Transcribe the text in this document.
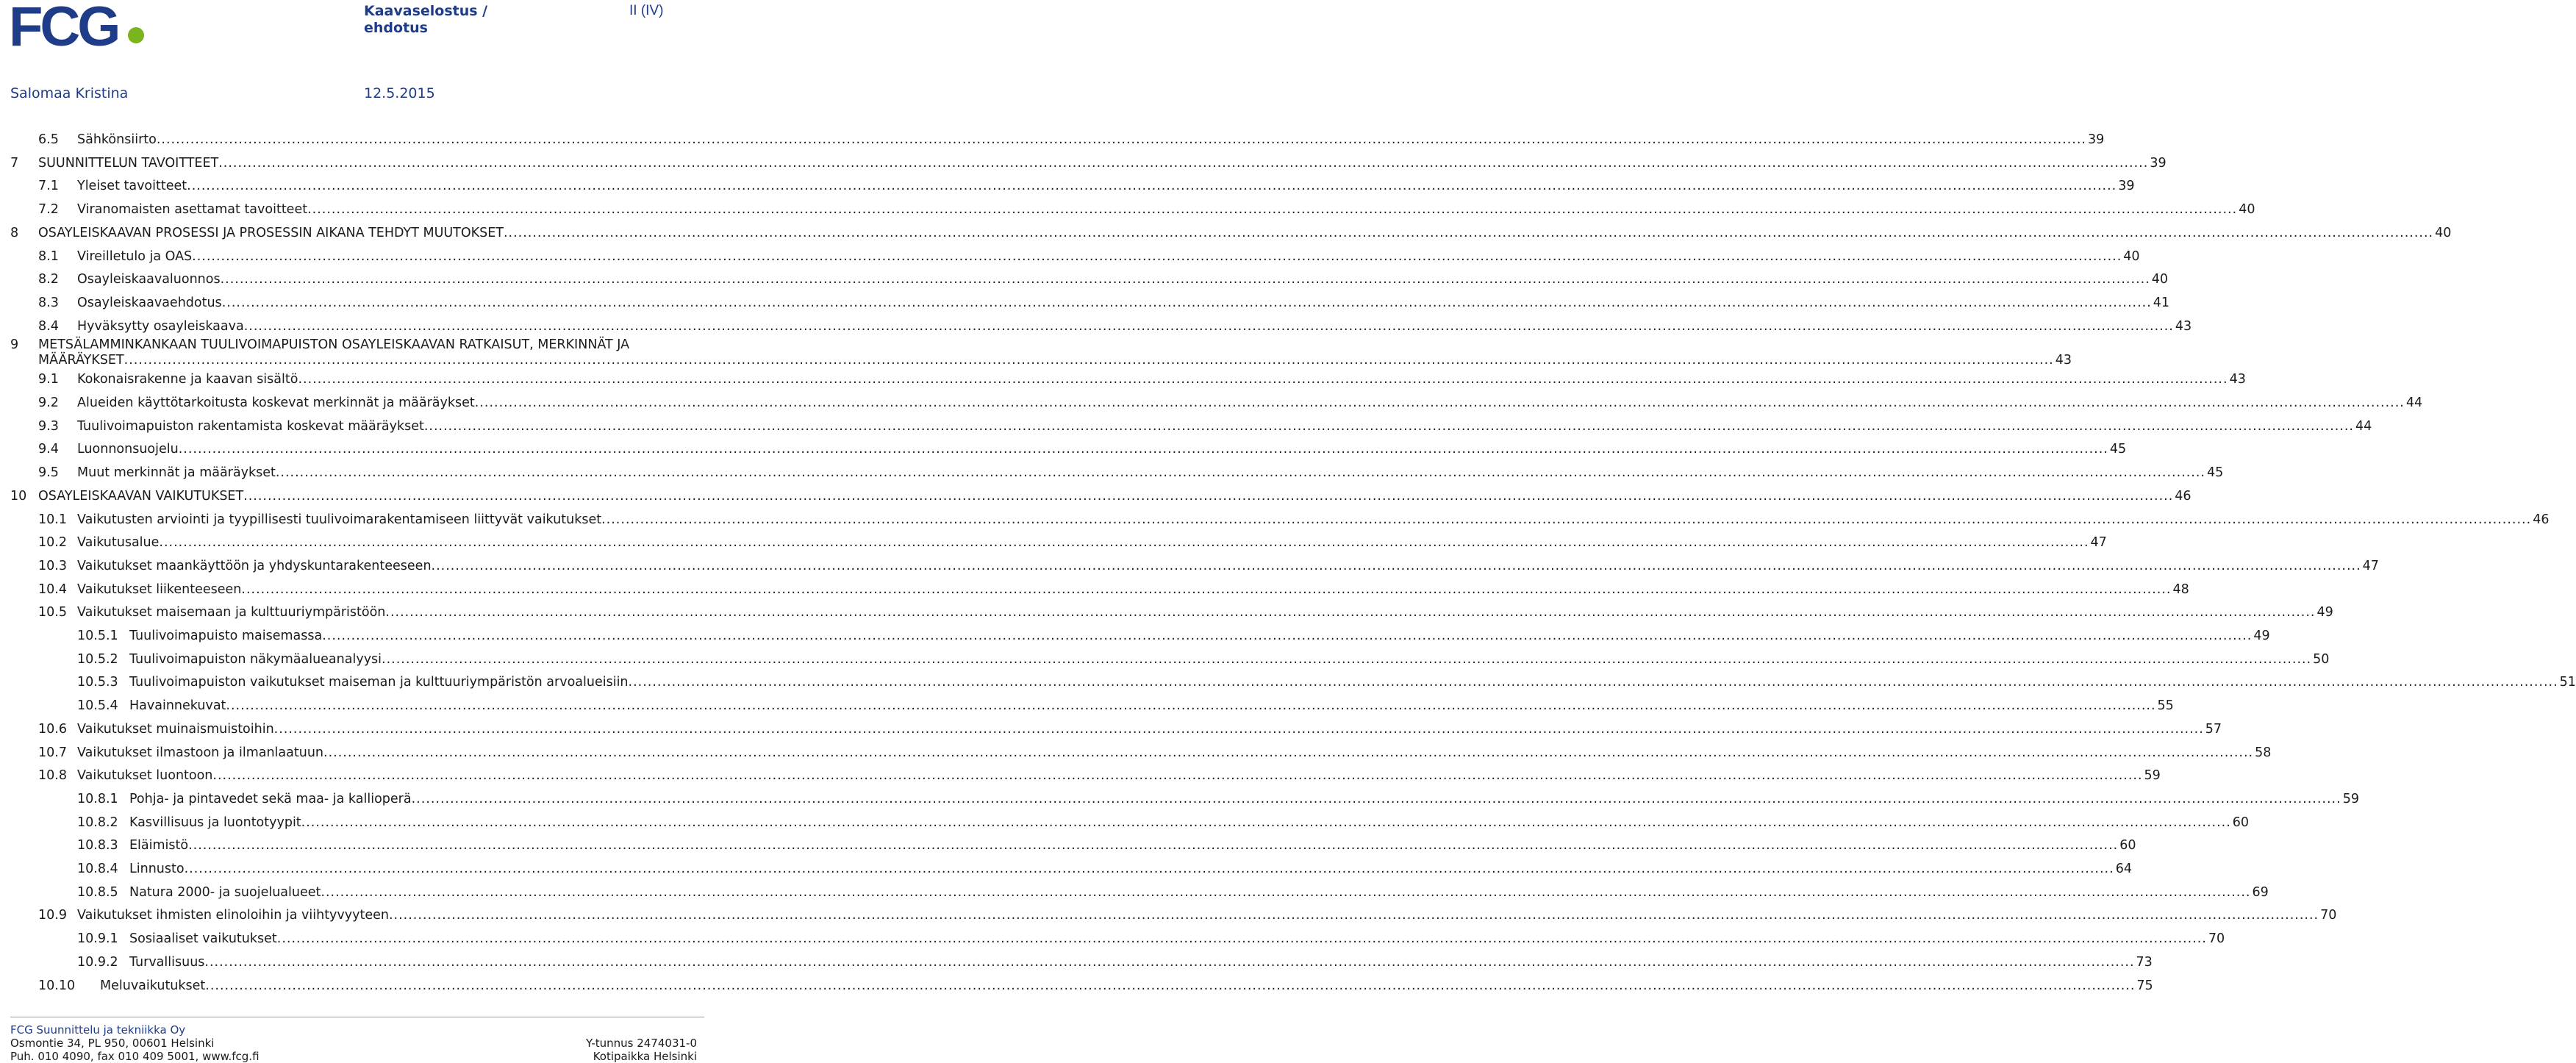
FCG	Kaavaselostus / ehdotus
II (IV)
Salomaa Kristina	12.5.2015
6.5 Sähkönsiirto ................................................................................................................................................................................................................................................................................................................................................................................................................ 39
7 SUUNNITTELUN TAVOITTEET ................................................................................................................................................................................................................................................................................................................................................................................................................ 39
7.1 Yleiset tavoitteet ................................................................................................................................................................................................................................................................................................................................................................................................................ 39
7.2 Viranomaisten asettamat tavoitteet ................................................................................................................................................................................................................................................................................................................................................................................................................ 40
8 OSAYLEISKAAVAN PROSESSI JA PROSESSIN AIKANA TEHDYT MUUTOKSET ................................................................................................................................................................................................................................................................................................................................................................................................................ 40
8.1 Vireilletulo ja OAS ................................................................................................................................................................................................................................................................................................................................................................................................................ 40
8.2 Osayleiskaavaluonnos ................................................................................................................................................................................................................................................................................................................................................................................................................ 40
8.3 Osayleiskaavaehdotus ................................................................................................................................................................................................................................................................................................................................................................................................................ 41
8.4 Hyväksytty osayleiskaava ................................................................................................................................................................................................................................................................................................................................................................................................................ 43
9 METSÄLAMMINKANKAAN TUULIVOIMAPUISTON OSAYLEISKAAVAN RATKAISUT, MERKINNÄT JA
MÄÄRÄYKSET ................................................................................................................................................................................................................................................................................................................................................................................................................ 43
9.1 Kokonaisrakenne ja kaavan sisältö ................................................................................................................................................................................................................................................................................................................................................................................................................ 43
9.2 Alueiden käyttötarkoitusta koskevat merkinnät ja määräykset ................................................................................................................................................................................................................................................................................................................................................................................................................ 44
9.3 Tuulivoimapuiston rakentamista koskevat määräykset ................................................................................................................................................................................................................................................................................................................................................................................................................ 44
9.4 Luonnonsuojelu ................................................................................................................................................................................................................................................................................................................................................................................................................ 45
9.5 Muut merkinnät ja määräykset ................................................................................................................................................................................................................................................................................................................................................................................................................ 45
10 OSAYLEISKAAVAN VAIKUTUKSET ................................................................................................................................................................................................................................................................................................................................................................................................................ 46
10.1 Vaikutusten arviointi ja tyypillisesti tuulivoimarakentamiseen liittyvät vaikutukset ................................................................................................................................................................................................................................................................................................................................................................................................................ 46
10.2 Vaikutusalue ................................................................................................................................................................................................................................................................................................................................................................................................................ 47
10.3 Vaikutukset maankäyttöön ja yhdyskuntarakenteeseen ................................................................................................................................................................................................................................................................................................................................................................................................................ 47
10.4 Vaikutukset liikenteeseen ................................................................................................................................................................................................................................................................................................................................................................................................................ 48
10.5 Vaikutukset maisemaan ja kulttuuriympäristöön ................................................................................................................................................................................................................................................................................................................................................................................................................ 49
10.5.1 Tuulivoimapuisto maisemassa ................................................................................................................................................................................................................................................................................................................................................................................................................ 49
10.5.2 Tuulivoimapuiston näkymäalueanalyysi ................................................................................................................................................................................................................................................................................................................................................................................................................ 50
10.5.3 Tuulivoimapuiston vaikutukset maiseman ja kulttuuriympäristön arvoalueisiin ................................................................................................................................................................................................................................................................................................................................................................................................................ 51
10.5.4 Havainnekuvat ................................................................................................................................................................................................................................................................................................................................................................................................................ 55
10.6 Vaikutukset muinaismuistoihin ................................................................................................................................................................................................................................................................................................................................................................................................................ 57
10.7 Vaikutukset ilmastoon ja ilmanlaatuun ................................................................................................................................................................................................................................................................................................................................................................................................................ 58
10.8 Vaikutukset luontoon ................................................................................................................................................................................................................................................................................................................................................................................................................ 59
10.8.1 Pohja- ja pintavedet sekä maa- ja kallioperä ................................................................................................................................................................................................................................................................................................................................................................................................................ 59
10.8.2 Kasvillisuus ja luontotyypit ................................................................................................................................................................................................................................................................................................................................................................................................................ 60
10.8.3 Eläimistö ................................................................................................................................................................................................................................................................................................................................................................................................................ 60
10.8.4 Linnusto ................................................................................................................................................................................................................................................................................................................................................................................................................ 64
10.8.5 Natura 2000- ja suojelualueet ................................................................................................................................................................................................................................................................................................................................................................................................................ 69
10.9 Vaikutukset ihmisten elinoloihin ja viihtyvyyteen ................................................................................................................................................................................................................................................................................................................................................................................................................ 70
10.9.1 Sosiaaliset vaikutukset ................................................................................................................................................................................................................................................................................................................................................................................................................ 70
10.9.2 Turvallisuus ................................................................................................................................................................................................................................................................................................................................................................................................................ 73
10.10 Meluvaikutukset ................................................................................................................................................................................................................................................................................................................................................................................................................ 75
FCG Suunnittelu ja tekniikka Oy
Osmontie 34, PL 950, 00601 Helsinki
Puh. 010 4090, fax 010 409 5001, www.fcg.fi
Y-tunnus 2474031-0
Kotipaikka Helsinki
